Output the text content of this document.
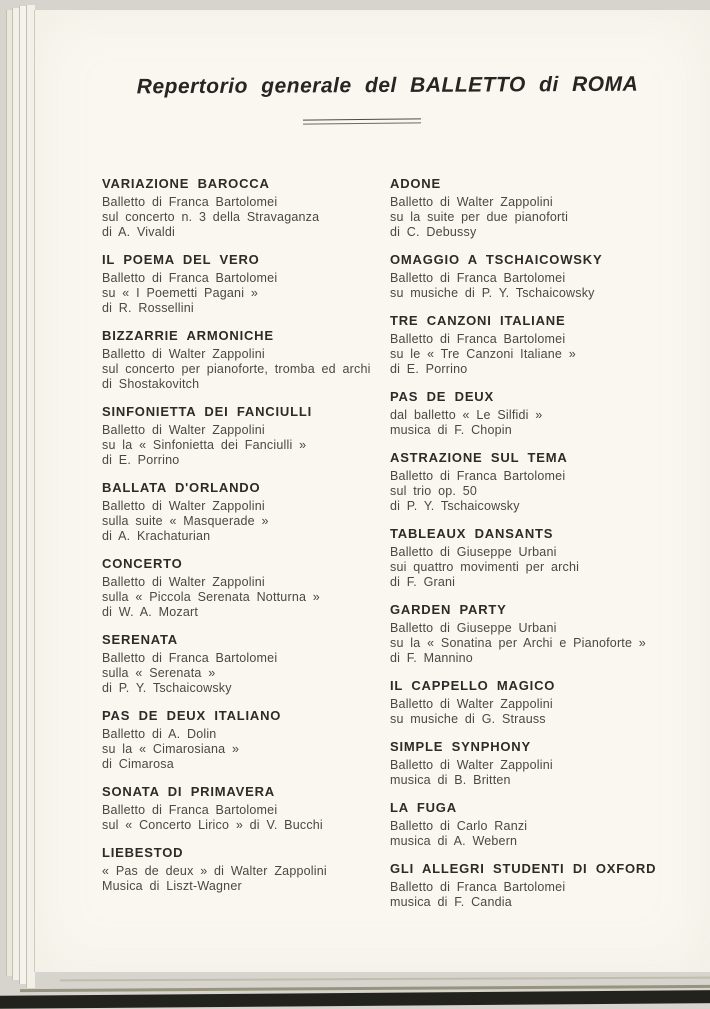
Repertorio generale del BALLETTO di ROMA
VARIAZIONE BAROCCA

Balletto di Franca Bartolomei

sul concerto n. 3 della Stravaganza

di A. Vivaldi

IL POEMA DEL VERO

Balletto di Franca Bartolomei

su « I Poemetti Pagani »

di R. Rossellini

BIZZARRIE ARMONICHE

Balletto di Walter Zappolini

sul concerto per pianoforte, tromba ed archi

di Shostakovitch

SINFONIETTA DEI FANCIULLI

Balletto di Walter Zappolini

su la « Sinfonietta dei Fanciulli »

di E. Porrino

BALLATA D'ORLANDO

Balletto di Walter Zappolini

sulla suite « Masquerade »

di A. Krachaturian

CONCERTO

Balletto di Walter Zappolini

sulla « Piccola Serenata Notturna »

di W. A. Mozart

SERENATA

Balletto di Franca Bartolomei

sulla « Serenata »

di P. Y. Tschaicowsky

PAS DE DEUX ITALIANO

Balletto di A. Dolin

su la « Cimarosiana »

di Cimarosa

SONATA DI PRIMAVERA

Balletto di Franca Bartolomei

sul « Concerto Lirico » di V. Bucchi

LIEBESTOD

« Pas de deux » di Walter Zappolini

Musica di Liszt-Wagner

ADONE

Balletto di Walter Zappolini

su la suite per due pianoforti

di C. Debussy

OMAGGIO A TSCHAICOWSKY

Balletto di Franca Bartolomei

su musiche di P. Y. Tschaicowsky

TRE CANZONI ITALIANE

Balletto di Franca Bartolomei

su le « Tre Canzoni Italiane »

di E. Porrino

PAS DE DEUX

dal balletto « Le Silfidi »

musica di F. Chopin

ASTRAZIONE SUL TEMA

Balletto di Franca Bartolomei

sul trio op. 50

di P. Y. Tschaicowsky

TABLEAUX DANSANTS

Balletto di Giuseppe Urbani

sui quattro movimenti per archi

di F. Grani

GARDEN PARTY

Balletto di Giuseppe Urbani

su la « Sonatina per Archi e Pianoforte »

di F. Mannino

IL CAPPELLO MAGICO

Balletto di Walter Zappolini

su musiche di G. Strauss

SIMPLE SYNPHONY

Balletto di Walter Zappolini

musica di B. Britten

LA FUGA

Balletto di Carlo Ranzi

musica di A. Webern

GLI ALLEGRI STUDENTI DI OXFORD

Balletto di Franca Bartolomei

musica di F. Candia
